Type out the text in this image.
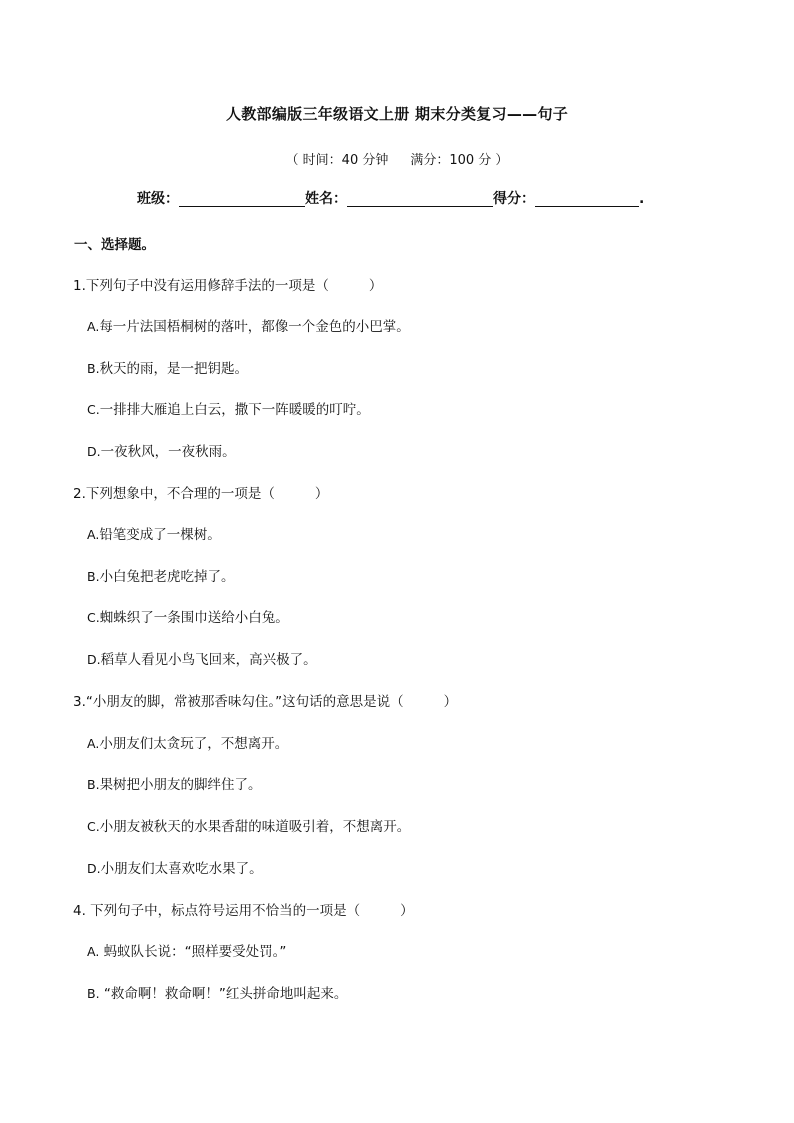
人教部编版三年级语文上册 期末分类复习——句子
（ 时间：40 分钟 满分：100 分 ）
班级：	姓名：	得分：	.
一、选择题。
1.下列句子中没有运用修辞手法的一项是（	）
A.每一片法国梧桐树的落叶，都像一个金色的小巴掌。
B.秋天的雨，是一把钥匙。
C.一排排大雁追上白云，撒下一阵暖暖的叮咛。
D.一夜秋风，一夜秋雨。
2.下列想象中，不合理的一项是（	）
A.铅笔变成了一棵树。
B.小白兔把老虎吃掉了。
C.蜘蛛织了一条围巾送给小白兔。
D.稻草人看见小鸟飞回来，高兴极了。
3.“小朋友的脚，常被那香味勾住。”这句话的意思是说（	）
A.小朋友们太贪玩了，不想离开。
B.果树把小朋友的脚绊住了。
C.小朋友被秋天的水果香甜的味道吸引着，不想离开。
D.小朋友们太喜欢吃水果了。
4. 下列句子中，标点符号运用不恰当的一项是（	）
A. 蚂蚁队长说：“照样要受处罚。”
B. “救命啊！救命啊！”红头拼命地叫起来。
